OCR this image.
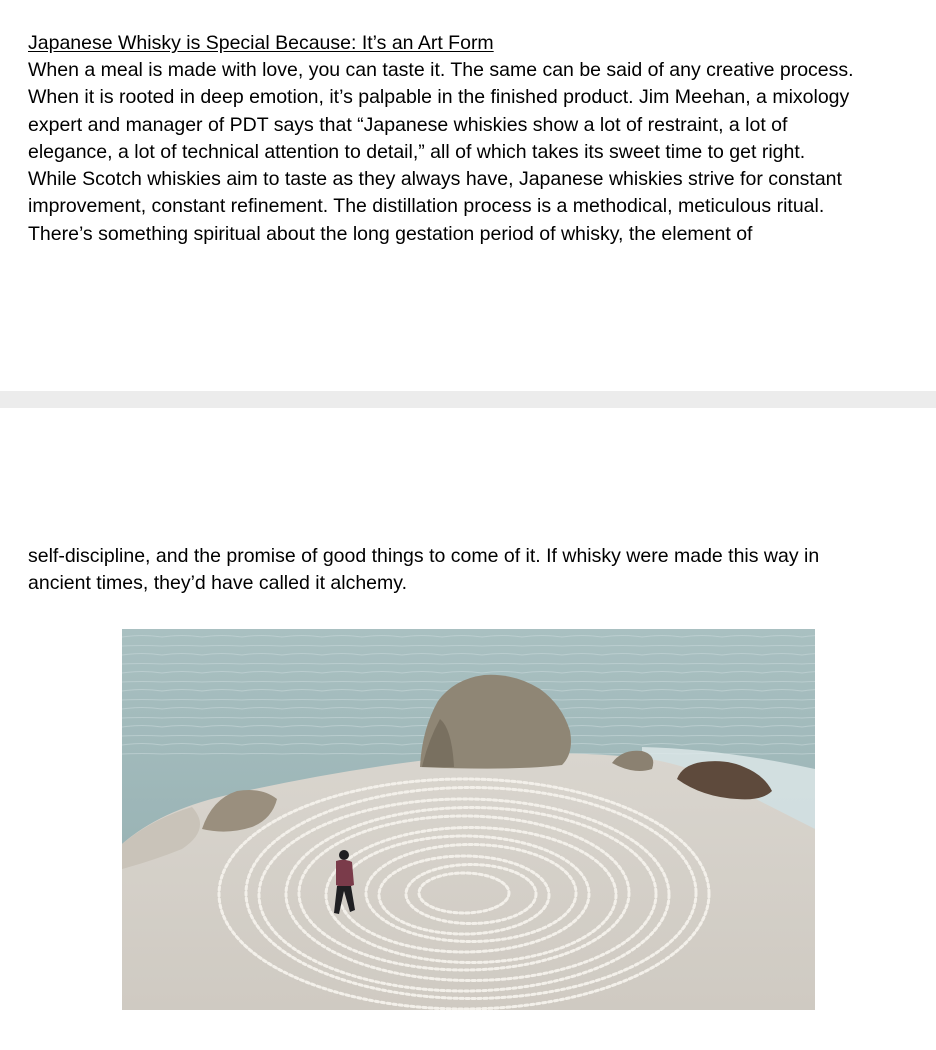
Japanese Whisky is Special Because: It’s an Art Form

When a meal is made with love, you can taste it. The same can be said of any creative process.
When it is rooted in deep emotion, it’s palpable in the finished product. Jim Meehan, a mixology
expert and manager of PDT says that “Japanese whiskies show a lot of restraint, a lot of
elegance, a lot of technical attention to detail,” all of which takes its sweet time to get right.
While Scotch whiskies aim to taste as they always have, Japanese whiskies strive for constant
improvement, constant refinement. The distillation process is a methodical, meticulous ritual.
There’s something spiritual about the long gestation period of whisky, the element of

self-discipline, and the promise of good things to come of it. If whisky were made this way in
ancient times, they’d have called it alchemy.
